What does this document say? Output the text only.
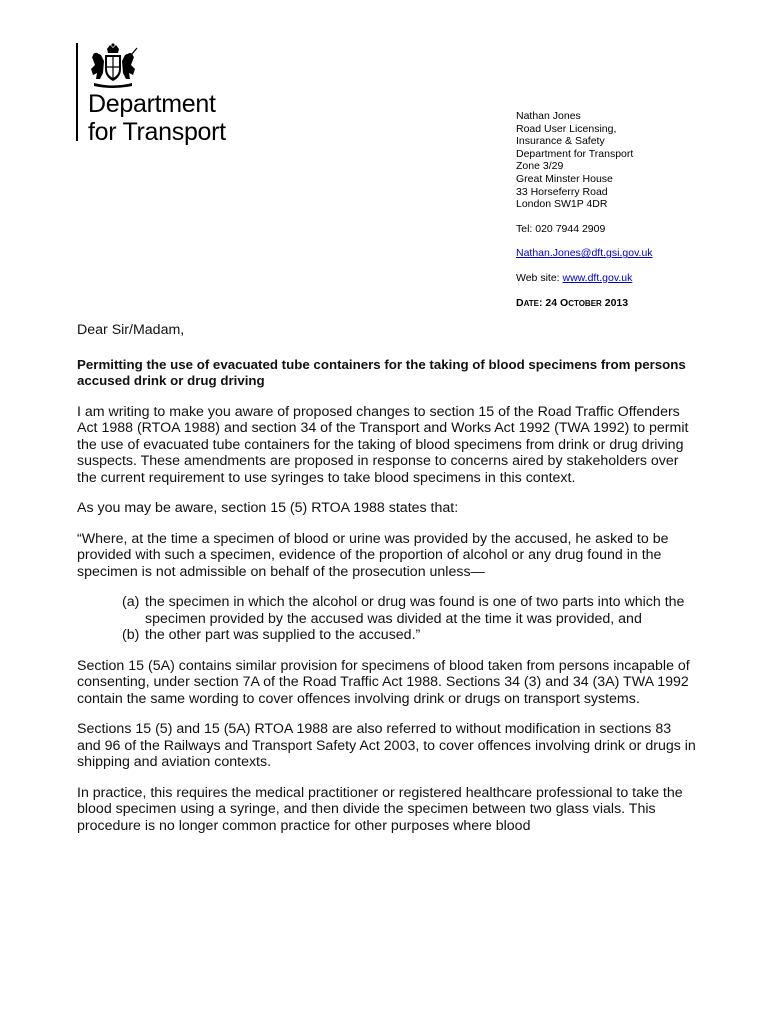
Department
for Transport
Nathan Jones
Road User Licensing,
Insurance & Safety
Department for Transport
Zone 3/29
Great Minster House
33 Horseferry Road
London SW1P 4DR
Tel: 020 7944 2909
Nathan.Jones@dft.gsi.gov.uk
Web site: www.dft.gov.uk
DATE: 24 OCTOBER 2013

Dear Sir/Madam,

Permitting the use of evacuated tube containers for the taking of blood specimens from persons accused drink or drug driving

I am writing to make you aware of proposed changes to section 15 of the Road Traffic Offenders Act 1988 (RTOA 1988) and section 34 of the Transport and Works Act 1992 (TWA 1992) to permit the use of evacuated tube containers for the taking of blood specimens from drink or drug driving suspects. These amendments are proposed in response to concerns aired by stakeholders over the current requirement to use syringes to take blood specimens in this context.

As you may be aware, section 15 (5) RTOA 1988 states that:

“Where, at the time a specimen of blood or urine was provided by the accused, he asked to be provided with such a specimen, evidence of the proportion of alcohol or any drug found in the specimen is not admissible on behalf of the prosecution unless—

(a) the specimen in which the alcohol or drug was found is one of two parts into which the specimen provided by the accused was divided at the time it was provided, and
(b) the other part was supplied to the accused.”

Section 15 (5A) contains similar provision for specimens of blood taken from persons incapable of consenting, under section 7A of the Road Traffic Act 1988. Sections 34 (3) and 34 (3A) TWA 1992 contain the same wording to cover offences involving drink or drugs on transport systems.

Sections 15 (5) and 15 (5A) RTOA 1988 are also referred to without modification in sections 83 and 96 of the Railways and Transport Safety Act 2003, to cover offences involving drink or drugs in shipping and aviation contexts.

In practice, this requires the medical practitioner or registered healthcare professional to take the blood specimen using a syringe, and then divide the specimen between two glass vials. This procedure is no longer common practice for other purposes where blood
